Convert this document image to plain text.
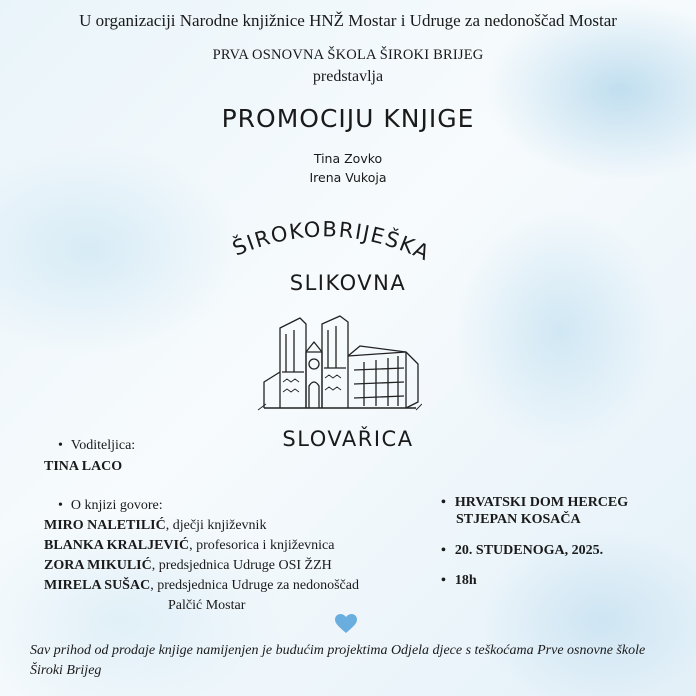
U organizaciji Narodne knjižnice HNŽ Mostar i Udruge za nedonoščad Mostar
PRVA OSNOVNA ŠKOLA ŠIROKI BRIJEG
predstavlja
PROMOCIJU KNJIGE
Tina Zovko
Irena Vukoja
ŠIROKOBRIJEŠKA
SLIKOVNA
SLOVAŘICA
• Voditeljica:
TINA LACO
• O knjizi govore:
MIRO NALETILIĆ, dječji književnik
BLANKA KRALJEVIĆ, profesorica i književnica
ZORA MIKULIĆ, predsjednica Udruge OSI ŽZH
MIRELA SUŠAC, predsjednica Udruge za nedonoščad
Palčić Mostar
• HRVATSKI DOM HERCEG
STJEPAN KOSAČA
• 20. STUDENOGA, 2025.
• 18h
Sav prihod od prodaje knjige namijenjen je budućim projektima Odjela djece s teškoćama Prve osnovne škole Široki Brijeg
